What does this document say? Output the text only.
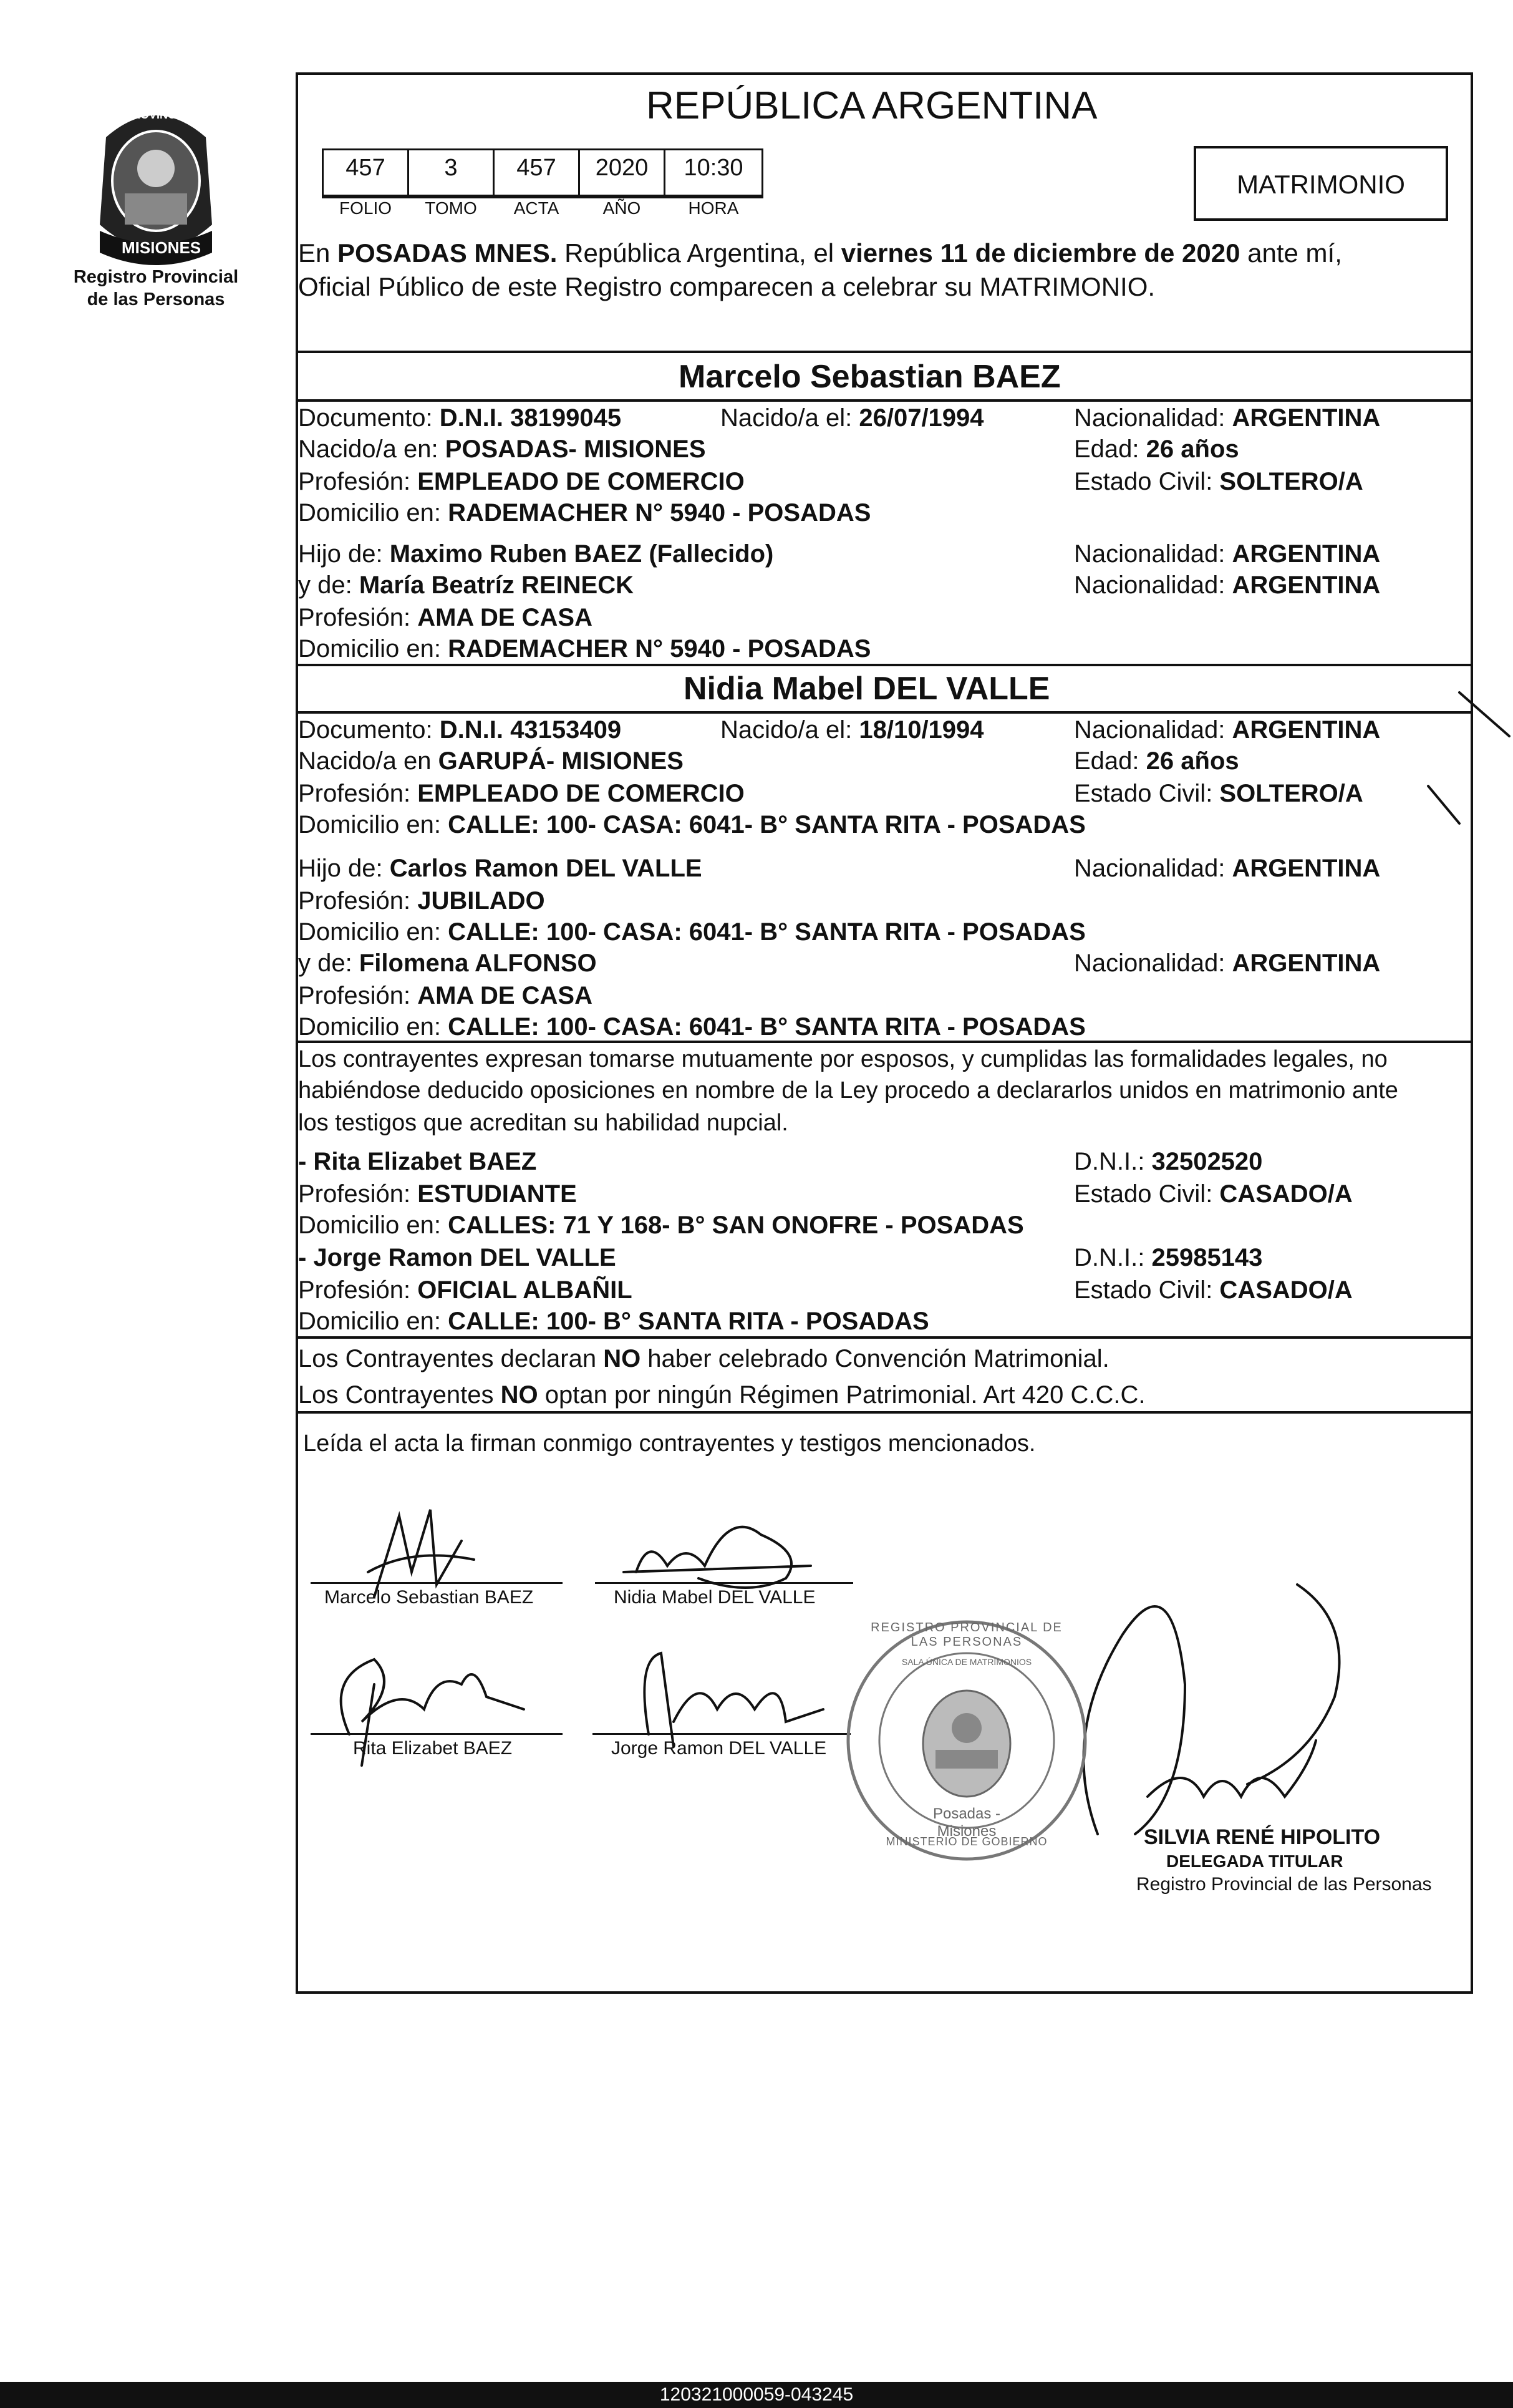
PROVINCIA DE
MISIONES
Registro Provincial
de las Personas
REPÚBLICA ARGENTINA
457	3	457	2020	10:30
FOLIO	TOMO	ACTA	AÑO	HORA
MATRIMONIO
En POSADAS MNES. República Argentina, el viernes 11 de diciembre de 2020 ante mí,
Oficial Público de este Registro comparecen a celebrar su MATRIMONIO.
Marcelo Sebastian BAEZ
Documento: D.N.I. 38199045	Nacido/a el: 26/07/1994	Nacionalidad: ARGENTINA
Nacido/a en: POSADAS- MISIONES	Edad: 26 años
Profesión: EMPLEADO DE COMERCIO	Estado Civil: SOLTERO/A
Domicilio en: RADEMACHER N° 5940 - POSADAS
Hijo de: Maximo Ruben BAEZ (Fallecido)	Nacionalidad: ARGENTINA
y de: María Beatríz REINECK	Nacionalidad: ARGENTINA
Profesión: AMA DE CASA
Domicilio en: RADEMACHER N° 5940 - POSADAS
Nidia Mabel DEL VALLE
Documento: D.N.I. 43153409	Nacido/a el: 18/10/1994	Nacionalidad: ARGENTINA
Nacido/a en GARUPÁ- MISIONES	Edad: 26 años
Profesión: EMPLEADO DE COMERCIO	Estado Civil: SOLTERO/A
Domicilio en: CALLE: 100- CASA: 6041- B° SANTA RITA - POSADAS
Hijo de: Carlos Ramon DEL VALLE	Nacionalidad: ARGENTINA
Profesión: JUBILADO
Domicilio en: CALLE: 100- CASA: 6041- B° SANTA RITA - POSADAS
y de: Filomena ALFONSO	Nacionalidad: ARGENTINA
Profesión: AMA DE CASA
Domicilio en: CALLE: 100- CASA: 6041- B° SANTA RITA - POSADAS
Los contrayentes expresan tomarse mutuamente por esposos, y cumplidas las formalidades legales, no
habiéndose deducido oposiciones en nombre de la Ley procedo a declararlos unidos en matrimonio ante
los testigos que acreditan su habilidad nupcial.
- Rita Elizabet BAEZ	D.N.I.: 32502520
Profesión: ESTUDIANTE	Estado Civil: CASADO/A
Domicilio en: CALLES: 71 Y 168- B° SAN ONOFRE - POSADAS
- Jorge Ramon DEL VALLE	D.N.I.: 25985143
Profesión: OFICIAL ALBAÑIL	Estado Civil: CASADO/A
Domicilio en: CALLE: 100- B° SANTA RITA - POSADAS
Los Contrayentes declaran NO haber celebrado Convención Matrimonial.
Los Contrayentes NO optan por ningún Régimen Patrimonial. Art 420 C.C.C.
Leída el acta la firman conmigo contrayentes y testigos mencionados.
Marcelo Sebastian BAEZ	Nidia Mabel DEL VALLE
Rita Elizabet BAEZ	Jorge Ramon DEL VALLE
REGISTRO PROVINCIAL DE LAS PERSONAS
SALA ÚNICA DE MATRIMONIOS
Posadas - Misiones
MINISTERIO DE GOBIERNO	SILVIA RENÉ HIPOLITO
DELEGADA TITULAR
Registro Provincial de las Personas
120321000059-043245
